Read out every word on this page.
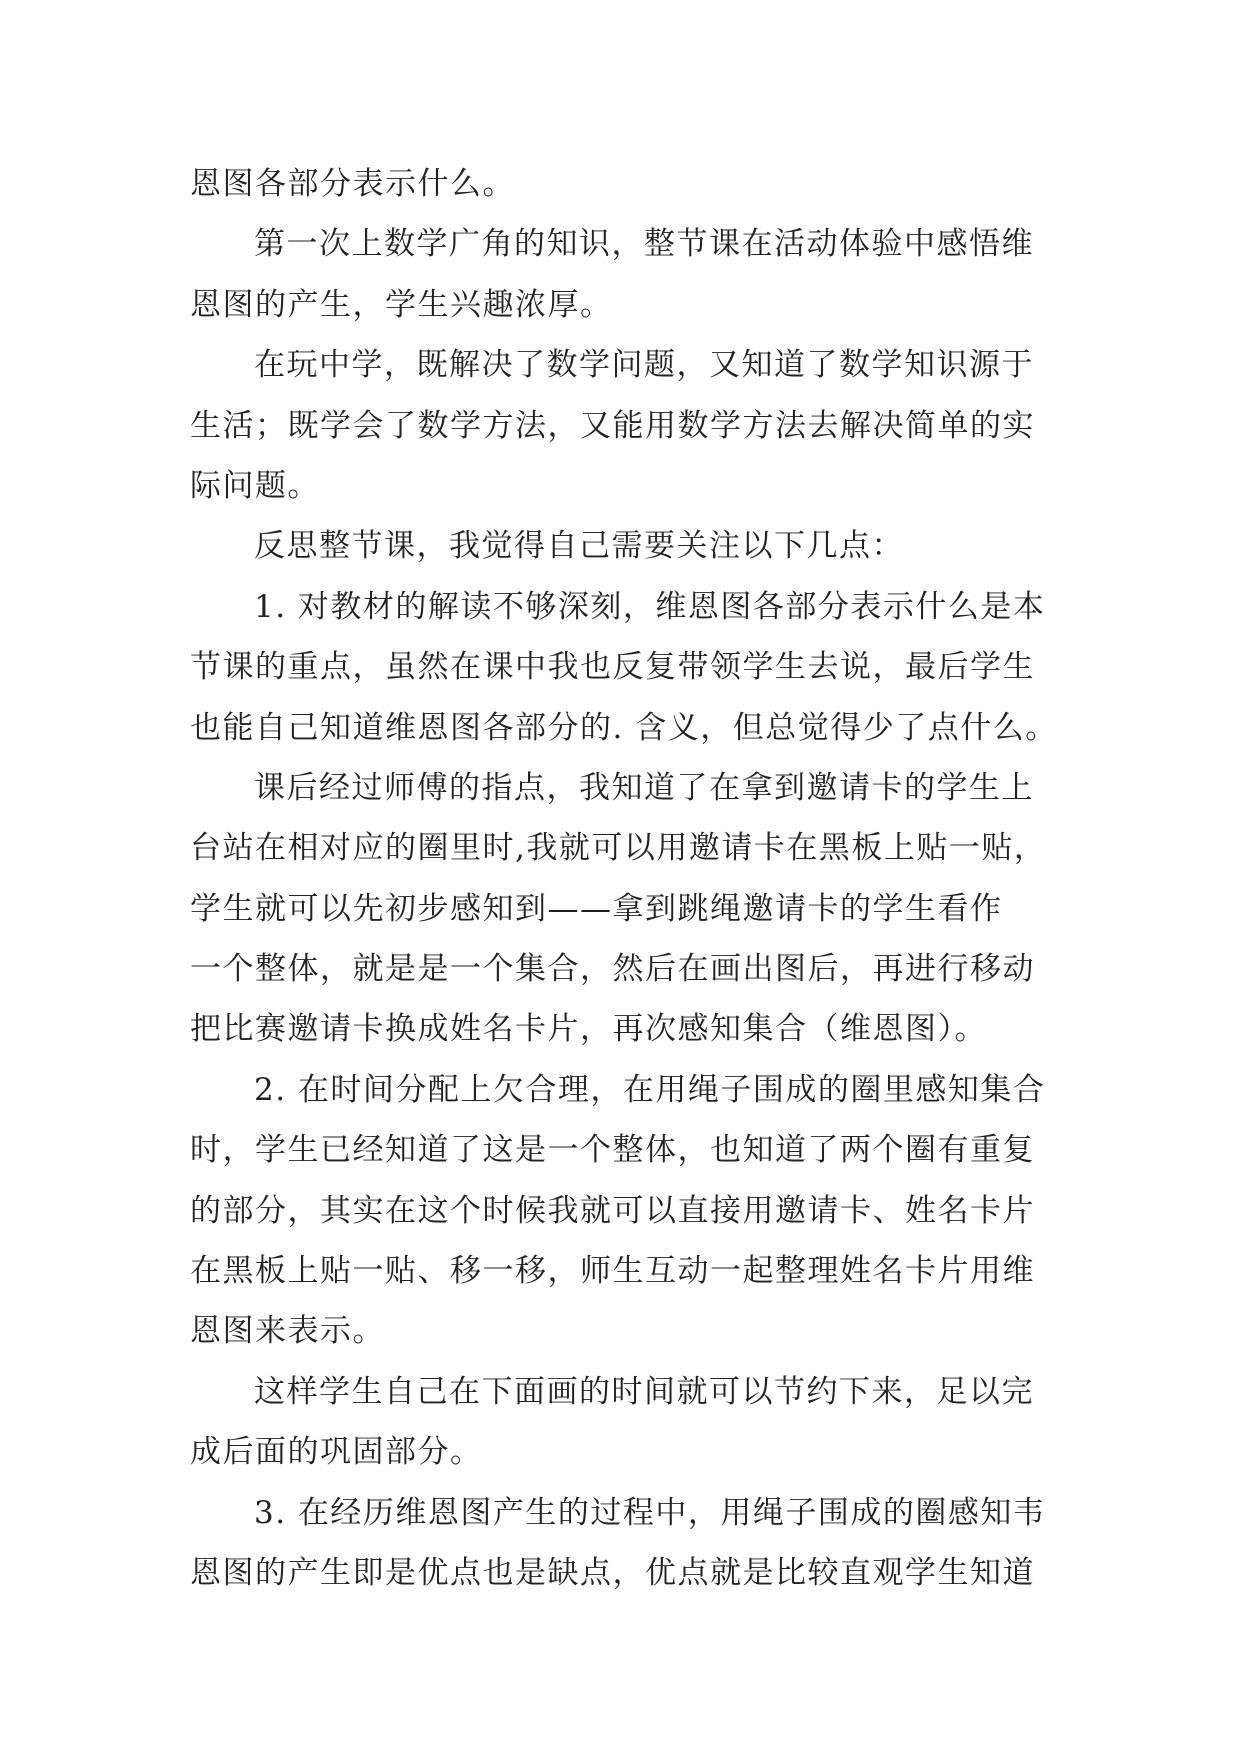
恩图各部分表示什么。
第一次上数学广角的知识，整节课在活动体验中感悟维
恩图的产生，学生兴趣浓厚。
在玩中学，既解决了数学问题，又知道了数学知识源于
生活；既学会了数学方法，又能用数学方法去解决简单的实
际问题。
反思整节课，我觉得自己需要关注以下几点：
1. 对教材的解读不够深刻，维恩图各部分表示什么是本
节课的重点，虽然在课中我也反复带领学生去说，最后学生
也能自己知道维恩图各部分的. 含义，但总觉得少了点什么。
课后经过师傅的指点，我知道了在拿到邀请卡的学生上
台站在相对应的圈里时,我就可以用邀请卡在黑板上贴一贴，
学生就可以先初步感知到——拿到跳绳邀请卡的学生看作
一个整体，就是是一个集合，然后在画出图后，再进行移动
把比赛邀请卡换成姓名卡片，再次感知集合（维恩图）。
2. 在时间分配上欠合理，在用绳子围成的圈里感知集合
时，学生已经知道了这是一个整体，也知道了两个圈有重复
的部分，其实在这个时候我就可以直接用邀请卡、姓名卡片
在黑板上贴一贴、移一移，师生互动一起整理姓名卡片用维
恩图来表示。
这样学生自己在下面画的时间就可以节约下来，足以完
成后面的巩固部分。
3. 在经历维恩图产生的过程中，用绳子围成的圈感知韦
恩图的产生即是优点也是缺点，优点就是比较直观学生知道
